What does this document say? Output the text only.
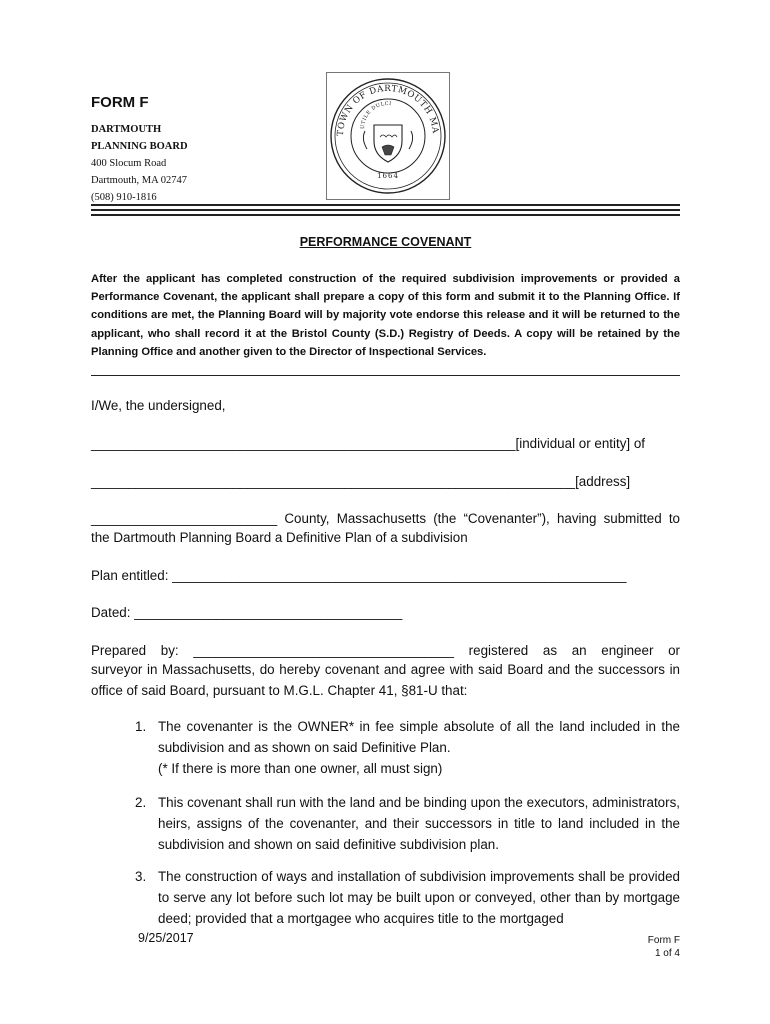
FORM F
DARTMOUTH
PLANNING BOARD
400 Slocum Road
Dartmouth, MA 02747
(508) 910-1816
TOWN OF DARTMOUTH MA
UTILE DULCI
1664
PERFORMANCE COVENANT
After the applicant has completed construction of the required subdivision improvements or provided a Performance Covenant, the applicant shall prepare a copy of this form and submit it to the Planning Office. If conditions are met, the Planning Board will by majority vote endorse this release and it will be returned to the applicant, who shall record it at the Bristol County (S.D.) Registry of Deeds. A copy will be retained by the Planning Office and another given to the Director of Inspectional Services.
I/We, the undersigned,
_________________________________________________________[individual or entity] of
_________________________________________________________________[address]
_________________________ County, Massachusetts (the “Covenanter”), having submitted to
the Dartmouth Planning Board a Definitive Plan of a subdivision
Plan entitled: _____________________________________________________________
Dated: ____________________________________
Prepared by: ___________________________________ registered as an engineer or
surveyor in Massachusetts, do hereby covenant and agree with said Board and the successors in office of said Board, pursuant to M.G.L. Chapter 41, §81-U that:
1. The covenanter is the OWNER* in fee simple absolute of all the land included in the subdivision and as shown on said Definitive Plan.
(* If there is more than one owner, all must sign)
2. This covenant shall run with the land and be binding upon the executors, administrators, heirs, assigns of the covenanter, and their successors in title to land included in the subdivision and shown on said definitive subdivision plan.
3. The construction of ways and installation of subdivision improvements shall be provided to serve any lot before such lot may be built upon or conveyed, other than by mortgage deed; provided that a mortgagee who acquires title to the mortgaged
9/25/2017	Form F
1 of 4
